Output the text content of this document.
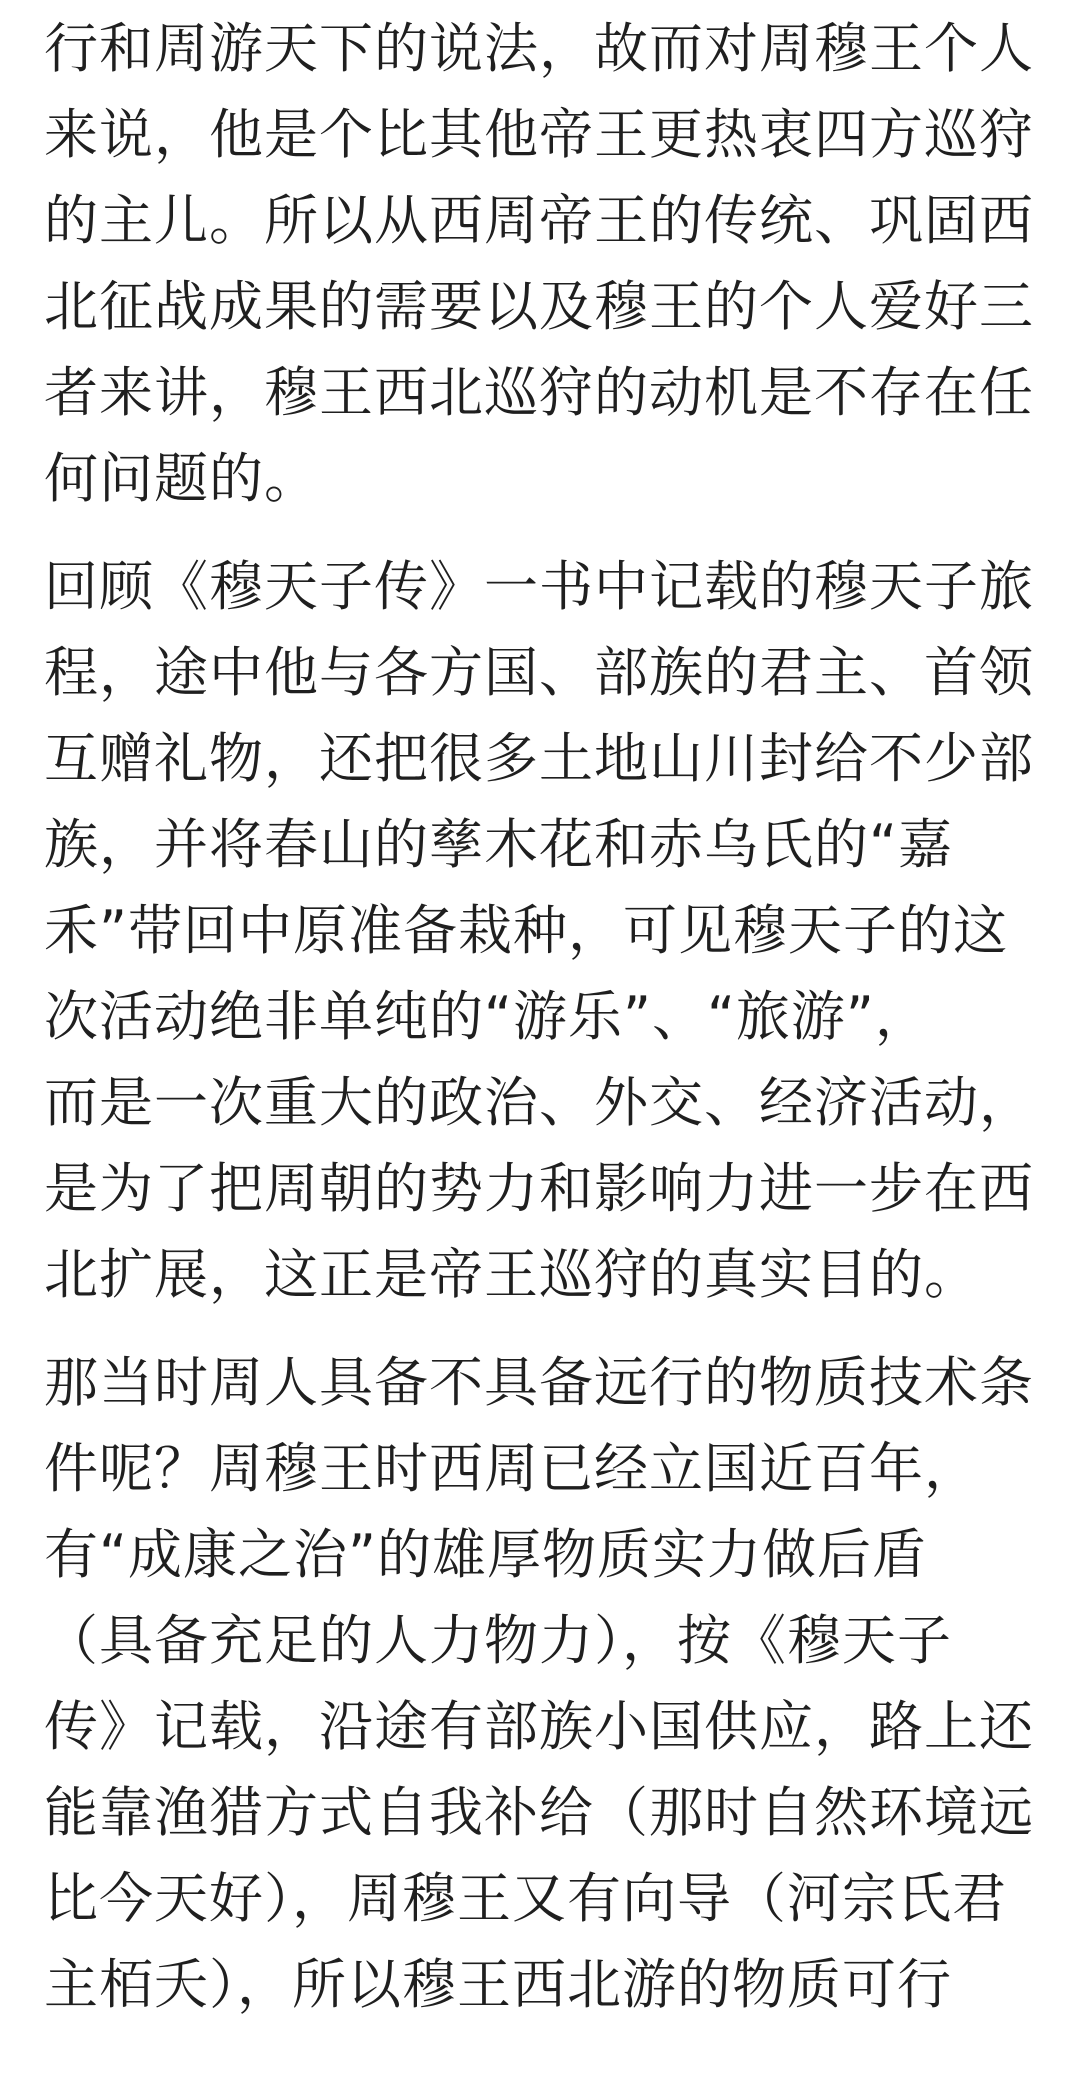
行和周游天下的说法，故而对周穆王个人
来说，他是个比其他帝王更热衷四方巡狩
的主儿。所以从西周帝王的传统、巩固西
北征战成果的需要以及穆王的个人爱好三
者来讲，穆王西北巡狩的动机是不存在任
何问题的。
回顾《穆天子传》一书中记载的穆天子旅
程，途中他与各方国、部族的君主、首领
互赠礼物，还把很多土地山川封给不少部
族，并将春山的孳木花和赤乌氏的“嘉
禾”带回中原准备栽种，可见穆天子的这
次活动绝非单纯的“游乐”、“旅游”，
而是一次重大的政治、外交、经济活动，
是为了把周朝的势力和影响力进一步在西
北扩展，这正是帝王巡狩的真实目的。
那当时周人具备不具备远行的物质技术条
件呢？周穆王时西周已经立国近百年，
有“成康之治”的雄厚物质实力做后盾
（具备充足的人力物力），按《穆天子
传》记载，沿途有部族小国供应，路上还
能靠渔猎方式自我补给（那时自然环境远
比今天好），周穆王又有向导（河宗氏君
主栢夭），所以穆王西北游的物质可行
